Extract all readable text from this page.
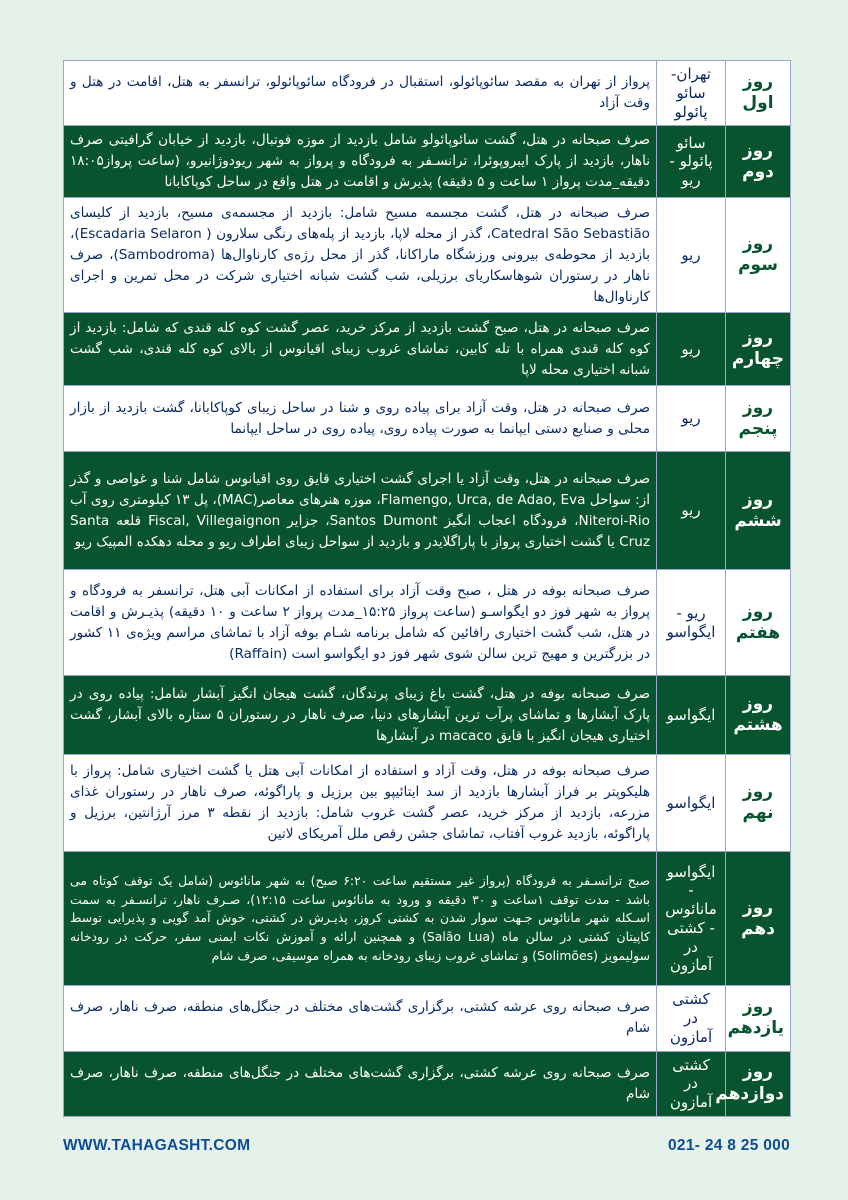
روز اول	تهران-سائو پائولو	پرواز از تهران به مقصد سائوپائولو، استقبال در فرودگاه سائوپائولو، ترانسفر به هتل، اقامت در هتل و وقت آزاد
روز دوم	سائو پائولو - ریو	صرف صبحانه در هتل، گشت سائوپائولو شامل بازدید از موزه فوتبال، بازدید از خیابان گرافیتی صرف ناهار، بازدید از پارک ایبروپوئرا، ترانسـفر به فرودگاه و پرواز به شهر ریودوژانیرو، (ساعت پرواز۱۸:۰۵ دقیقه_مدت پرواز ۱ ساعت و ۵ دقیقه) پذیرش و اقامت در هتل واقع در ساحل کوپاکابانا
روز سوم	ریو	صرف صبحانه در هتل، گشت مجسمه مسیح شامل: بازدید از مجسمه‌ی مسیح، بازدید از کلیسای Catedral São Sebastião، گذر از محله لاپا، بازدید از پله‌های رنگی سلارون ( Escadaria Selaron)، بازدید از محوطه‌ی بیرونی ورزشگاه ماراکانا، گذر از محل رژه‌ی کارناوال‌ها (Sambodroma)، صرف ناهار در رستوران شوهاسکاریای برزیلی، شب گشت شبانه اختیاری شرکت در محل تمرین و اجرای کارناوال‌ها
روز چهارم	ریو	صرف صبحانه در هتل، صبح گشت بازدید از مرکز خرید، عصر گشت کوه کله قندی که شامل: بازدید از کوه کله قندی همراه با تله کابین، تماشای غروب زیبای اقیانوس از بالای کوه کله قندی، شب گشت شبانه اختیاری محله لاپا
روز پنجم	ریو	صرف صبحانه در هتل، وقت آزاد برای پیاده روی و شنا در ساحل زیبای کوپاکابانا، گشت بازدید از بازار محلی و صنایع دستی ایپانما به صورت پیاده روی، پیاده روی در ساحل ایپانما
روز ششم	ریو	صرف صبحانه در هتل، وقت آزاد یا اجرای گشت اختیاری قایق روی اقیانوس شامل شنا و غواصی و گذر از: سواحل Flamengo, Urca, de Adao, Eva، موزه هنرهای معاصر(MAC)، پل ۱۳ کیلومتری روی آب Niteroi-Rio، فرودگاه اعجاب انگیز Santos Dumont، جزایر Fiscal, Villegaignon قلعه Santa Cruz یا گشت اختیاری پرواز با پاراگلایدر و بازدید از سواحل زیبای اطراف ریو و محله دهکده المپیک ریو
روز هفتم	ریو - ایگواسو	صرف صبحانه بوفه در هتل ، صبح وقت آزاد برای استفاده از امکانات آبی هتل، ترانسفر به فرودگاه و پرواز به شهر فوز دو ایگواسـو (ساعت پرواز ۱۵:۲۵_مدت پرواز ۲ ساعت و ۱۰ دقیقه) پذیـرش و اقامت در هتل، شب گشت اختیاری رافائین که شامل برنامه شـام بوفه آزاد با تماشای مراسم ویژه‌ی ۱۱ کشور در بزرگترین و مهیج ترین سالن شوی شهر فوز دو ایگواسو است (Raffain)
روز هشتم	ایگواسو	صرف صبحانه بوفه در هتل، گشت باغ زیبای پرندگان، گشت هیجان انگیز آبشار شامل: پیاده روی در پارک آبشارها و تماشای پرآب ترین آبشارهای دنیا، صرف ناهار در رستوران ۵ ستاره بالای آبشار، گشت اختیاری هیجان انگیز با قایق macaco در آبشارها
روز نهم	ایگواسو	صرف صبحانه بوفه در هتل، وقت آزاد و استفاده از امکانات آبی هتل یا گشت اختیاری شامل: پرواز با هلیکوپتر بر فراز آبشارها بازدید از سد ایتائیپو بین برزیل و پاراگوئه، صرف ناهار در رستوران غذای مزرعه، بازدید از مرکز خرید، عصر گشت غروب شامل: بازدید از نقطه ۳ مرز آرژانتین، برزیل و پاراگوئه، بازدید غروب آفتاب، تماشای جشن رقص ملل آمریکای لاتین
روز دهم	ایگواسو - مانائوس - کشتی در آمازون	صبح ترانسـفر به فرودگاه (پرواز غیر مستقیم ساعت ۶:۲۰ صبح) به شهر مانائوس (شامل یک توقف کوتاه می باشد - مدت توقف ۱ساعت و ۳۰ دقیقه و ورود به مانائوس ساعت ۱۲:۱۵)، صـرف ناهار، ترانسـفر به سمت اسـکله شهر مانائوس جـهت سوار شدن به کشتی کروز، پذیـرش در کشتی، خوش آمد گویی و پذیرایی توسط کاپیتان کشتی در سالن ماه (Salão Lua) و همچنین ارائه و آموزش نکات ایمنی سفر، حرکت در رودخانه سولیمویز (Solimões) و تماشای غروب زیبای رودخانه به همراه موسیقی، صرف شام
روز یازدهم	کشتی در آمازون	صرف صبحانه روی عرشه کشتی، برگزاری گشت‌های مختلف در جنگل‌های منطقه، صرف ناهار، صرف شام
روز دوازدهم	کشتی در آمازون	صرف صبحانه روی عرشه کشتی، برگزاری گشت‌های مختلف در جنگل‌های منطقه، صرف ناهار، صرف شام
WWW.TAHAGASHT.COM	021- 24 8 25 000
